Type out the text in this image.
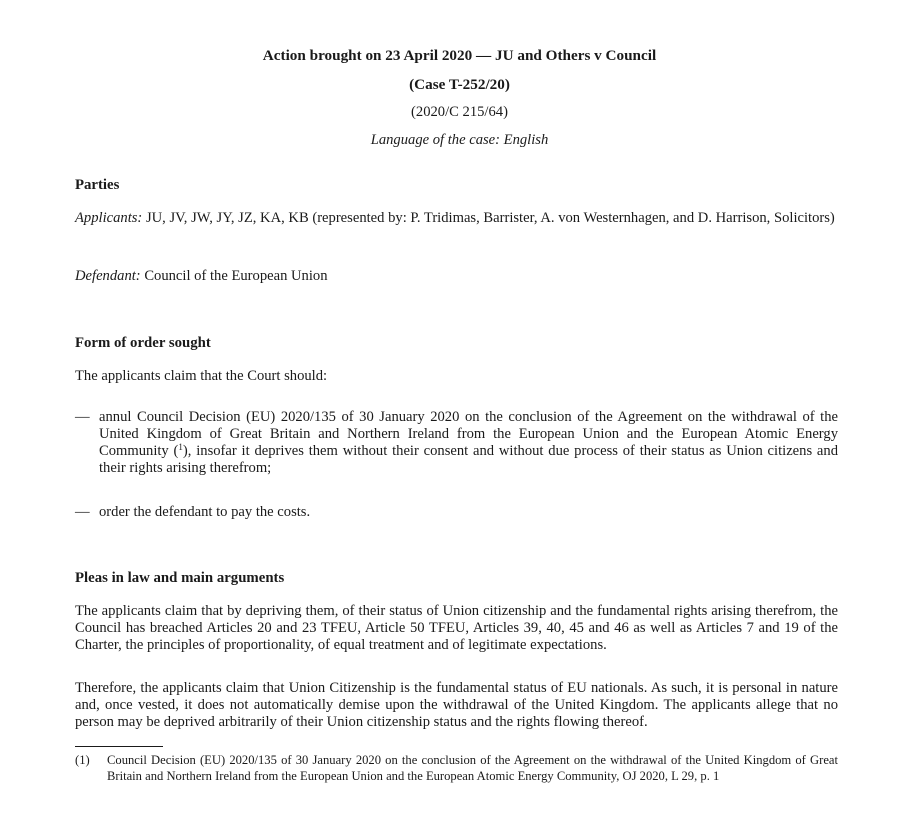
Action brought on 23 April 2020 — JU and Others v Council
(Case T-252/20)
(2020/C 215/64)
Language of the case: English
Parties
Applicants: JU, JV, JW, JY, JZ, KA, KB (represented by: P. Tridimas, Barrister, A. von Westernhagen, and D. Harrison, Solicitors)
Defendant: Council of the European Union
Form of order sought
The applicants claim that the Court should:
— annul Council Decision (EU) 2020/135 of 30 January 2020 on the conclusion of the Agreement on the withdrawal of the United Kingdom of Great Britain and Northern Ireland from the European Union and the European Atomic Energy Community ($^1$), insofar it deprives them without their consent and without due process of their status as Union citizens and their rights arising therefrom;
— order the defendant to pay the costs.
Pleas in law and main arguments
The applicants claim that by depriving them, of their status of Union citizenship and the fundamental rights arising therefrom, the Council has breached Articles 20 and 23 TFEU, Article 50 TFEU, Articles 39, 40, 45 and 46 as well as Articles 7 and 19 of the Charter, the principles of proportionality, of equal treatment and of legitimate expectations.
Therefore, the applicants claim that Union Citizenship is the fundamental status of EU nationals. As such, it is personal in nature and, once vested, it does not automatically demise upon the withdrawal of the United Kingdom. The applicants allege that no person may be deprived arbitrarily of their Union citizenship status and the rights flowing thereof.
(1) Council Decision (EU) 2020/135 of 30 January 2020 on the conclusion of the Agreement on the withdrawal of the United Kingdom of Great Britain and Northern Ireland from the European Union and the European Atomic Energy Community, OJ 2020, L 29, p. 1
